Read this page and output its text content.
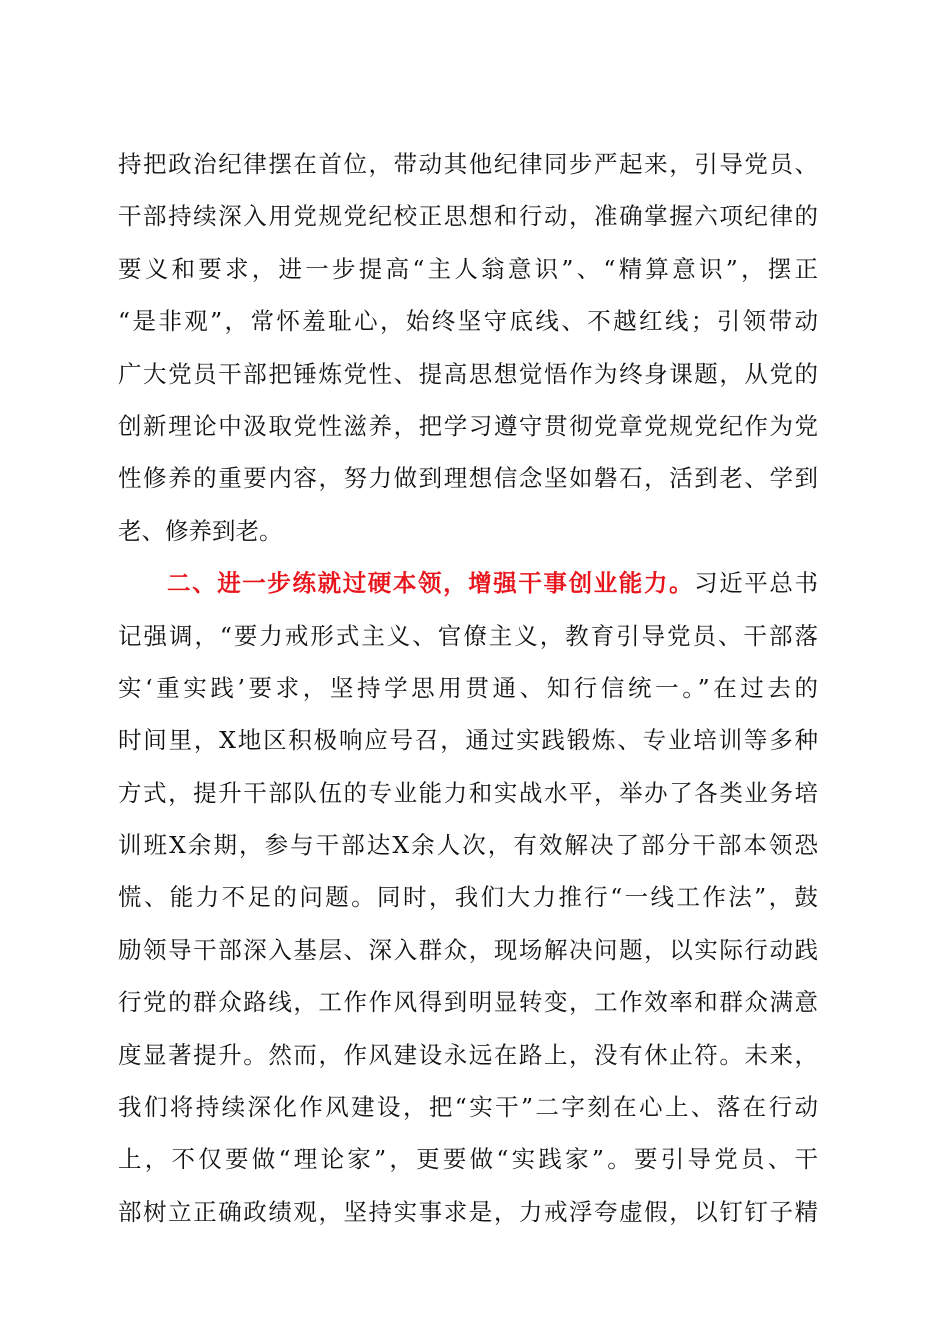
持把政治纪律摆在首位，带动其他纪律同步严起来，引导党员、
干部持续深入用党规党纪校正思想和行动，准确掌握六项纪律的
要义和要求，进一步提高“主人翁意识”、“精算意识”，摆正
“是非观”，常怀羞耻心，始终坚守底线、不越红线；引领带动
广大党员干部把锤炼党性、提高思想觉悟作为终身课题，从党的
创新理论中汲取党性滋养，把学习遵守贯彻党章党规党纪作为党
性修养的重要内容，努力做到理想信念坚如磐石，活到老、学到
老、修养到老。
二、进一步练就过硬本领，增强干事创业能力。习近平总书
记强调，“要力戒形式主义、官僚主义，教育引导党员、干部落
实‘重实践’要求，坚持学思用贯通、知行信统一。”在过去的
时间里，X地区积极响应号召，通过实践锻炼、专业培训等多种
方式，提升干部队伍的专业能力和实战水平，举办了各类业务培
训班X余期，参与干部达X余人次，有效解决了部分干部本领恐
慌、能力不足的问题。同时，我们大力推行“一线工作法”，鼓
励领导干部深入基层、深入群众，现场解决问题，以实际行动践
行党的群众路线，工作作风得到明显转变，工作效率和群众满意
度显著提升。然而，作风建设永远在路上，没有休止符。未来，
我们将持续深化作风建设，把“实干”二字刻在心上、落在行动
上，不仅要做“理论家”，更要做“实践家”。要引导党员、干
部树立正确政绩观，坚持实事求是，力戒浮夸虚假，以钉钉子精
